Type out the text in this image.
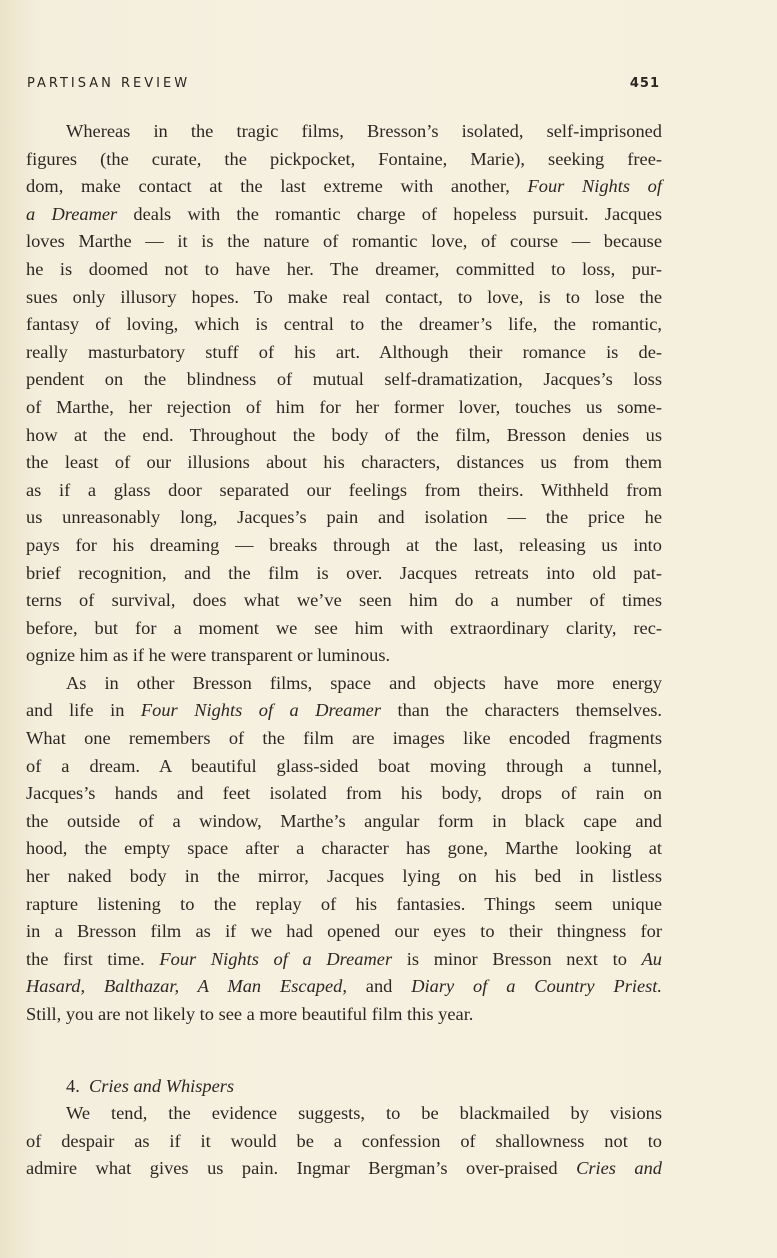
PARTISAN REVIEW	451
Whereas in the tragic films, Bresson’s isolated, self-imprisoned
figures (the curate, the pickpocket, Fontaine, Marie), seeking free-
dom, make contact at the last extreme with another, Four Nights of
a Dreamer deals with the romantic charge of hopeless pursuit. Jacques
loves Marthe — it is the nature of romantic love, of course — because
he is doomed not to have her. The dreamer, committed to loss, pur-
sues only illusory hopes. To make real contact, to love, is to lose the
fantasy of loving, which is central to the dreamer’s life, the romantic,
really masturbatory stuff of his art. Although their romance is de-
pendent on the blindness of mutual self-dramatization, Jacques’s loss
of Marthe, her rejection of him for her former lover, touches us some-
how at the end. Throughout the body of the film, Bresson denies us
the least of our illusions about his characters, distances us from them
as if a glass door separated our feelings from theirs. Withheld from
us unreasonably long, Jacques’s pain and isolation — the price he
pays for his dreaming — breaks through at the last, releasing us into
brief recognition, and the film is over. Jacques retreats into old pat-
terns of survival, does what we’ve seen him do a number of times
before, but for a moment we see him with extraordinary clarity, rec-
ognize him as if he were transparent or luminous.
As in other Bresson films, space and objects have more energy
and life in Four Nights of a Dreamer than the characters themselves.
What one remembers of the film are images like encoded fragments
of a dream. A beautiful glass-sided boat moving through a tunnel,
Jacques’s hands and feet isolated from his body, drops of rain on
the outside of a window, Marthe’s angular form in black cape and
hood, the empty space after a character has gone, Marthe looking at
her naked body in the mirror, Jacques lying on his bed in listless
rapture listening to the replay of his fantasies. Things seem unique
in a Bresson film as if we had opened our eyes to their thingness for
the first time. Four Nights of a Dreamer is minor Bresson next to Au
Hasard, Balthazar, A Man Escaped, and Diary of a Country Priest.
Still, you are not likely to see a more beautiful film this year.

4. Cries and Whispers

We tend, the evidence suggests, to be blackmailed by visions
of despair as if it would be a confession of shallowness not to
admire what gives us pain. Ingmar Bergman’s over-praised Cries and
